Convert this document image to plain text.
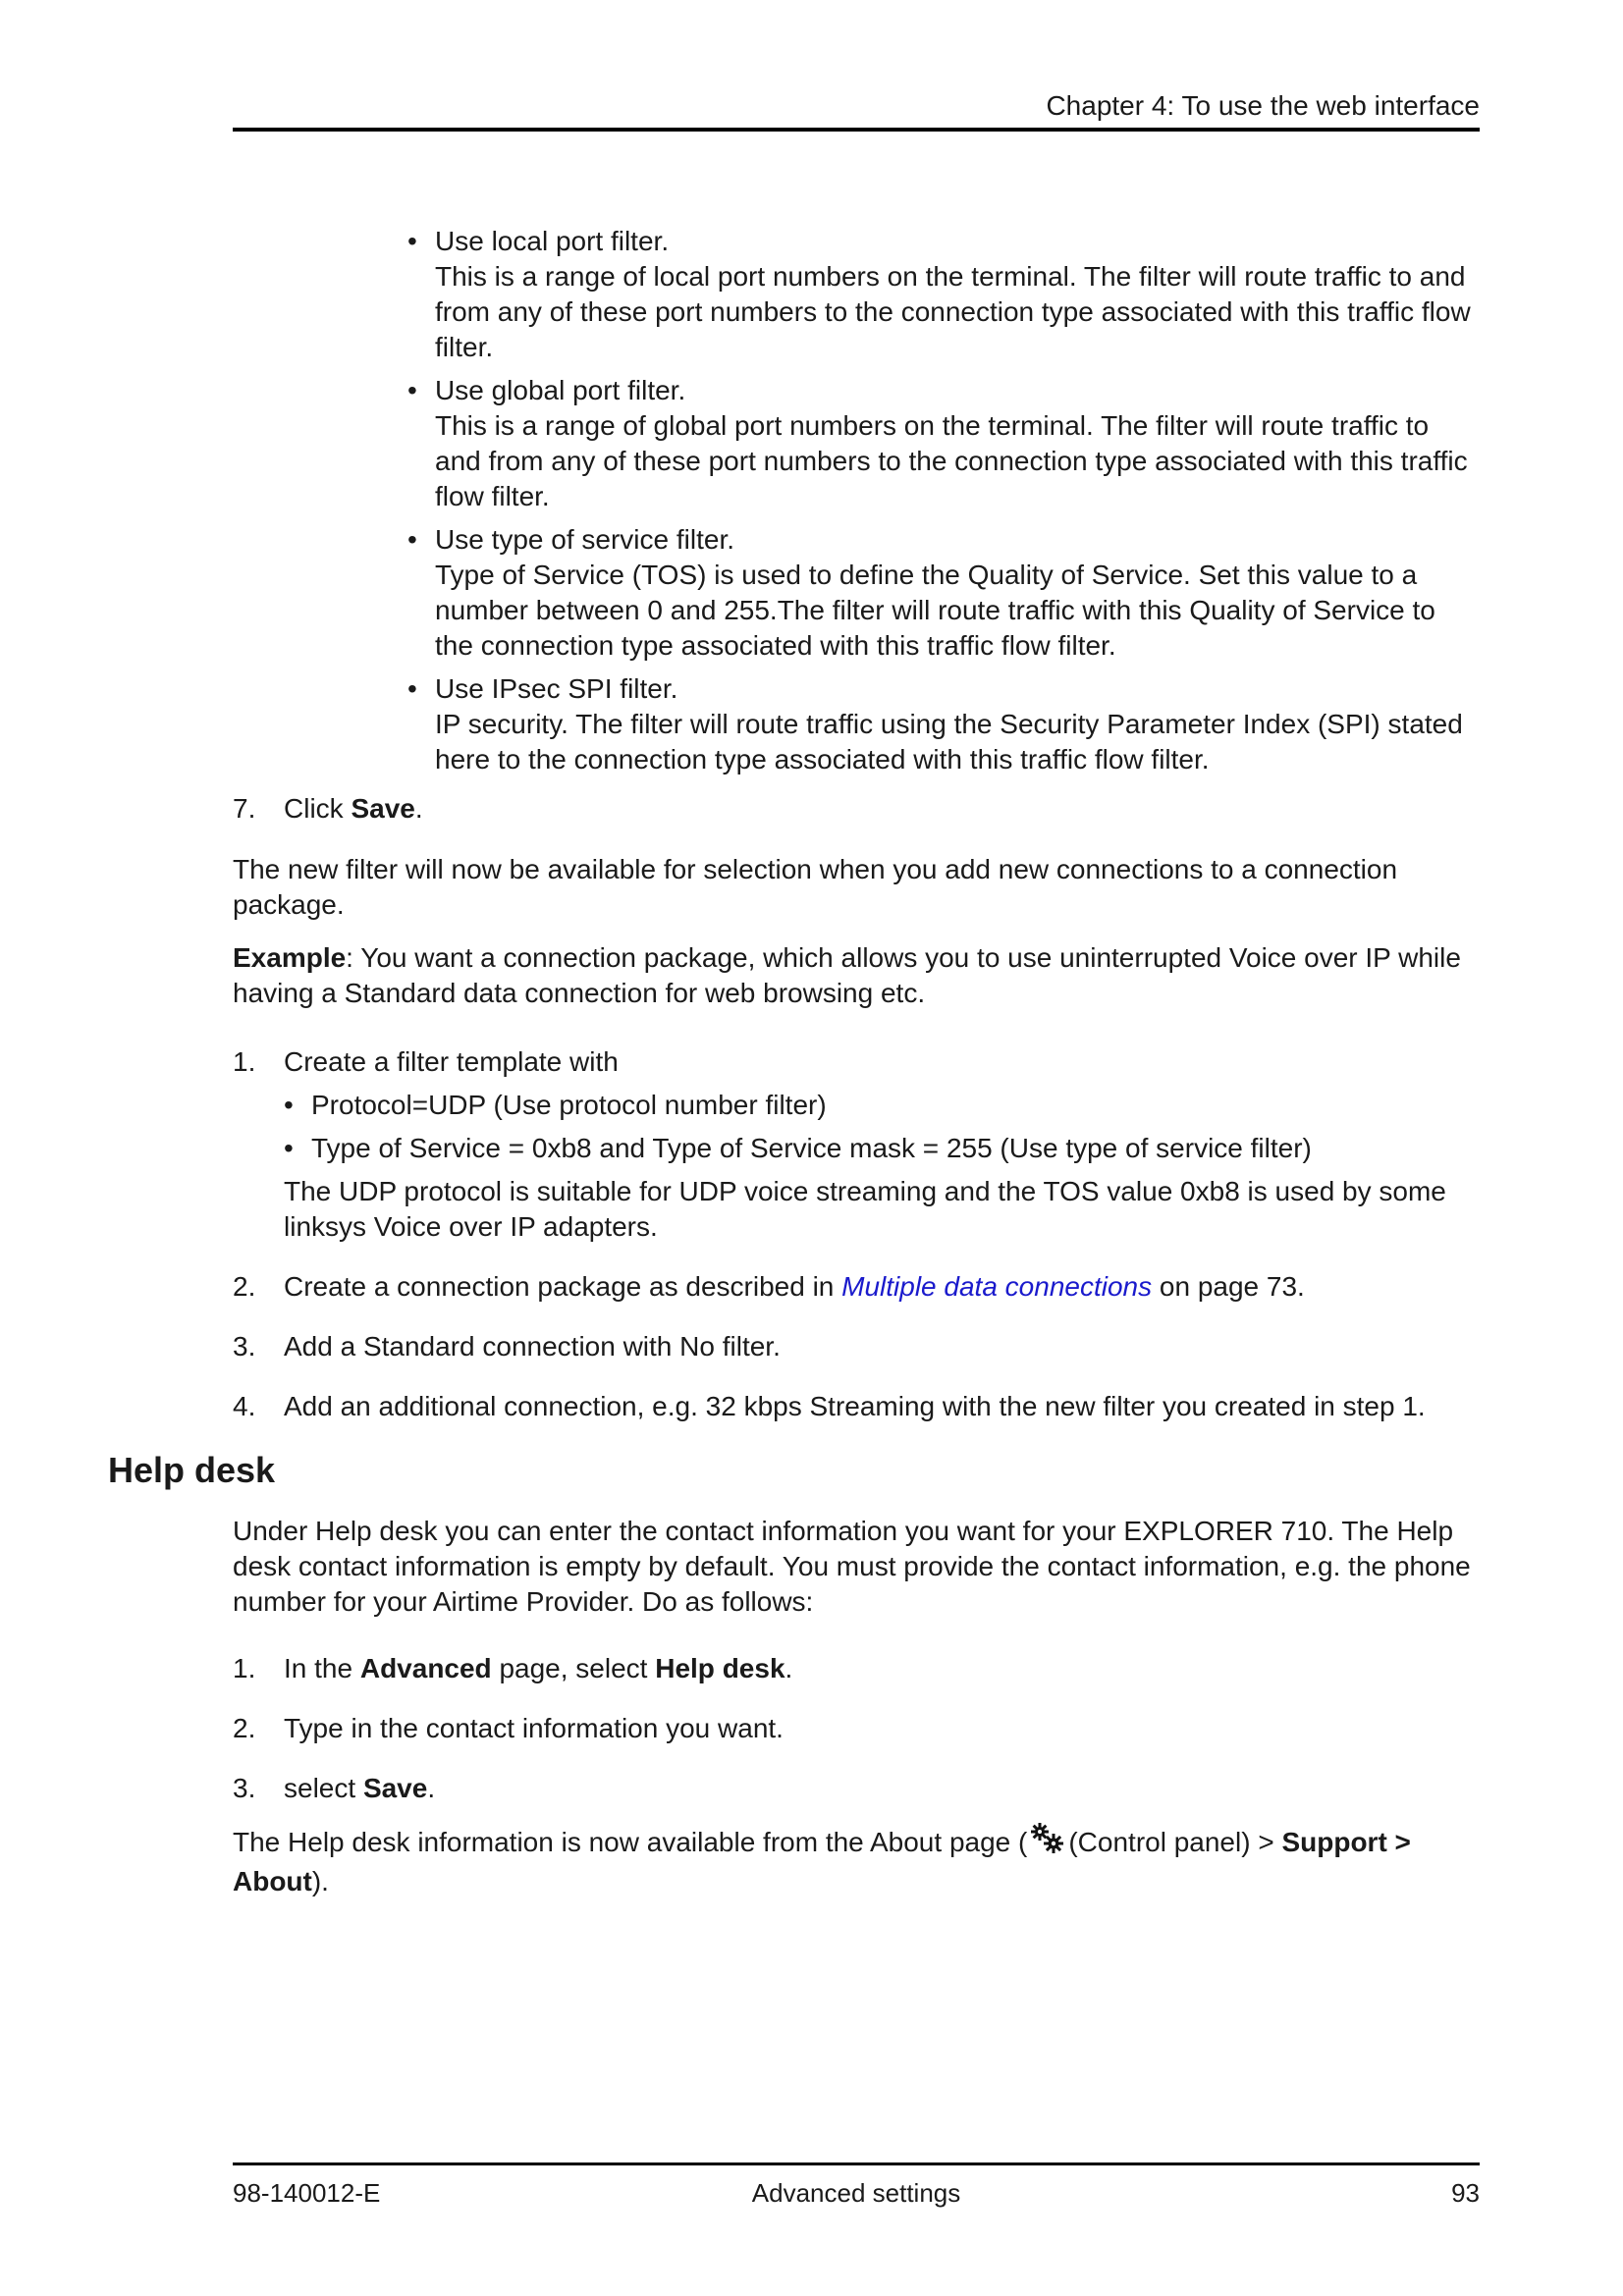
Chapter 4: To use the web interface
• Use local port filter.
This is a range of local port numbers on the terminal. The filter will route traffic to and from any of these port numbers to the connection type associated with this traffic flow filter.
• Use global port filter.
This is a range of global port numbers on the terminal. The filter will route traffic to and from any of these port numbers to the connection type associated with this traffic flow filter.
• Use type of service filter.
Type of Service (TOS) is used to define the Quality of Service. Set this value to a number between 0 and 255.The filter will route traffic with this Quality of Service to the connection type associated with this traffic flow filter.
• Use IPsec SPI filter.
IP security. The filter will route traffic using the Security Parameter Index (SPI) stated here to the connection type associated with this traffic flow filter.
7. Click Save.

The new filter will now be available for selection when you add new connections to a connection package.

Example: You want a connection package, which allows you to use uninterrupted Voice over IP while having a Standard data connection for web browsing etc.

1. Create a filter template with
• Protocol=UDP (Use protocol number filter)
• Type of Service = 0xb8 and Type of Service mask = 255 (Use type of service filter)
The UDP protocol is suitable for UDP voice streaming and the TOS value 0xb8 is used by some linksys Voice over IP adapters.
2. Create a connection package as described in Multiple data connections on page 73.
3. Add a Standard connection with No filter.
4. Add an additional connection, e.g. 32 kbps Streaming with the new filter you created in step 1.
Help desk

Under Help desk you can enter the contact information you want for your EXPLORER 710. The Help desk contact information is empty by default. You must provide the contact information, e.g. the phone number for your Airtime Provider. Do as follows:

1. In the Advanced page, select Help desk.
2. Type in the contact information you want.
3. select Save.

The Help desk information is now available from the About page ( (Control panel) > Support > About).

98-140012-E	Advanced settings	93
